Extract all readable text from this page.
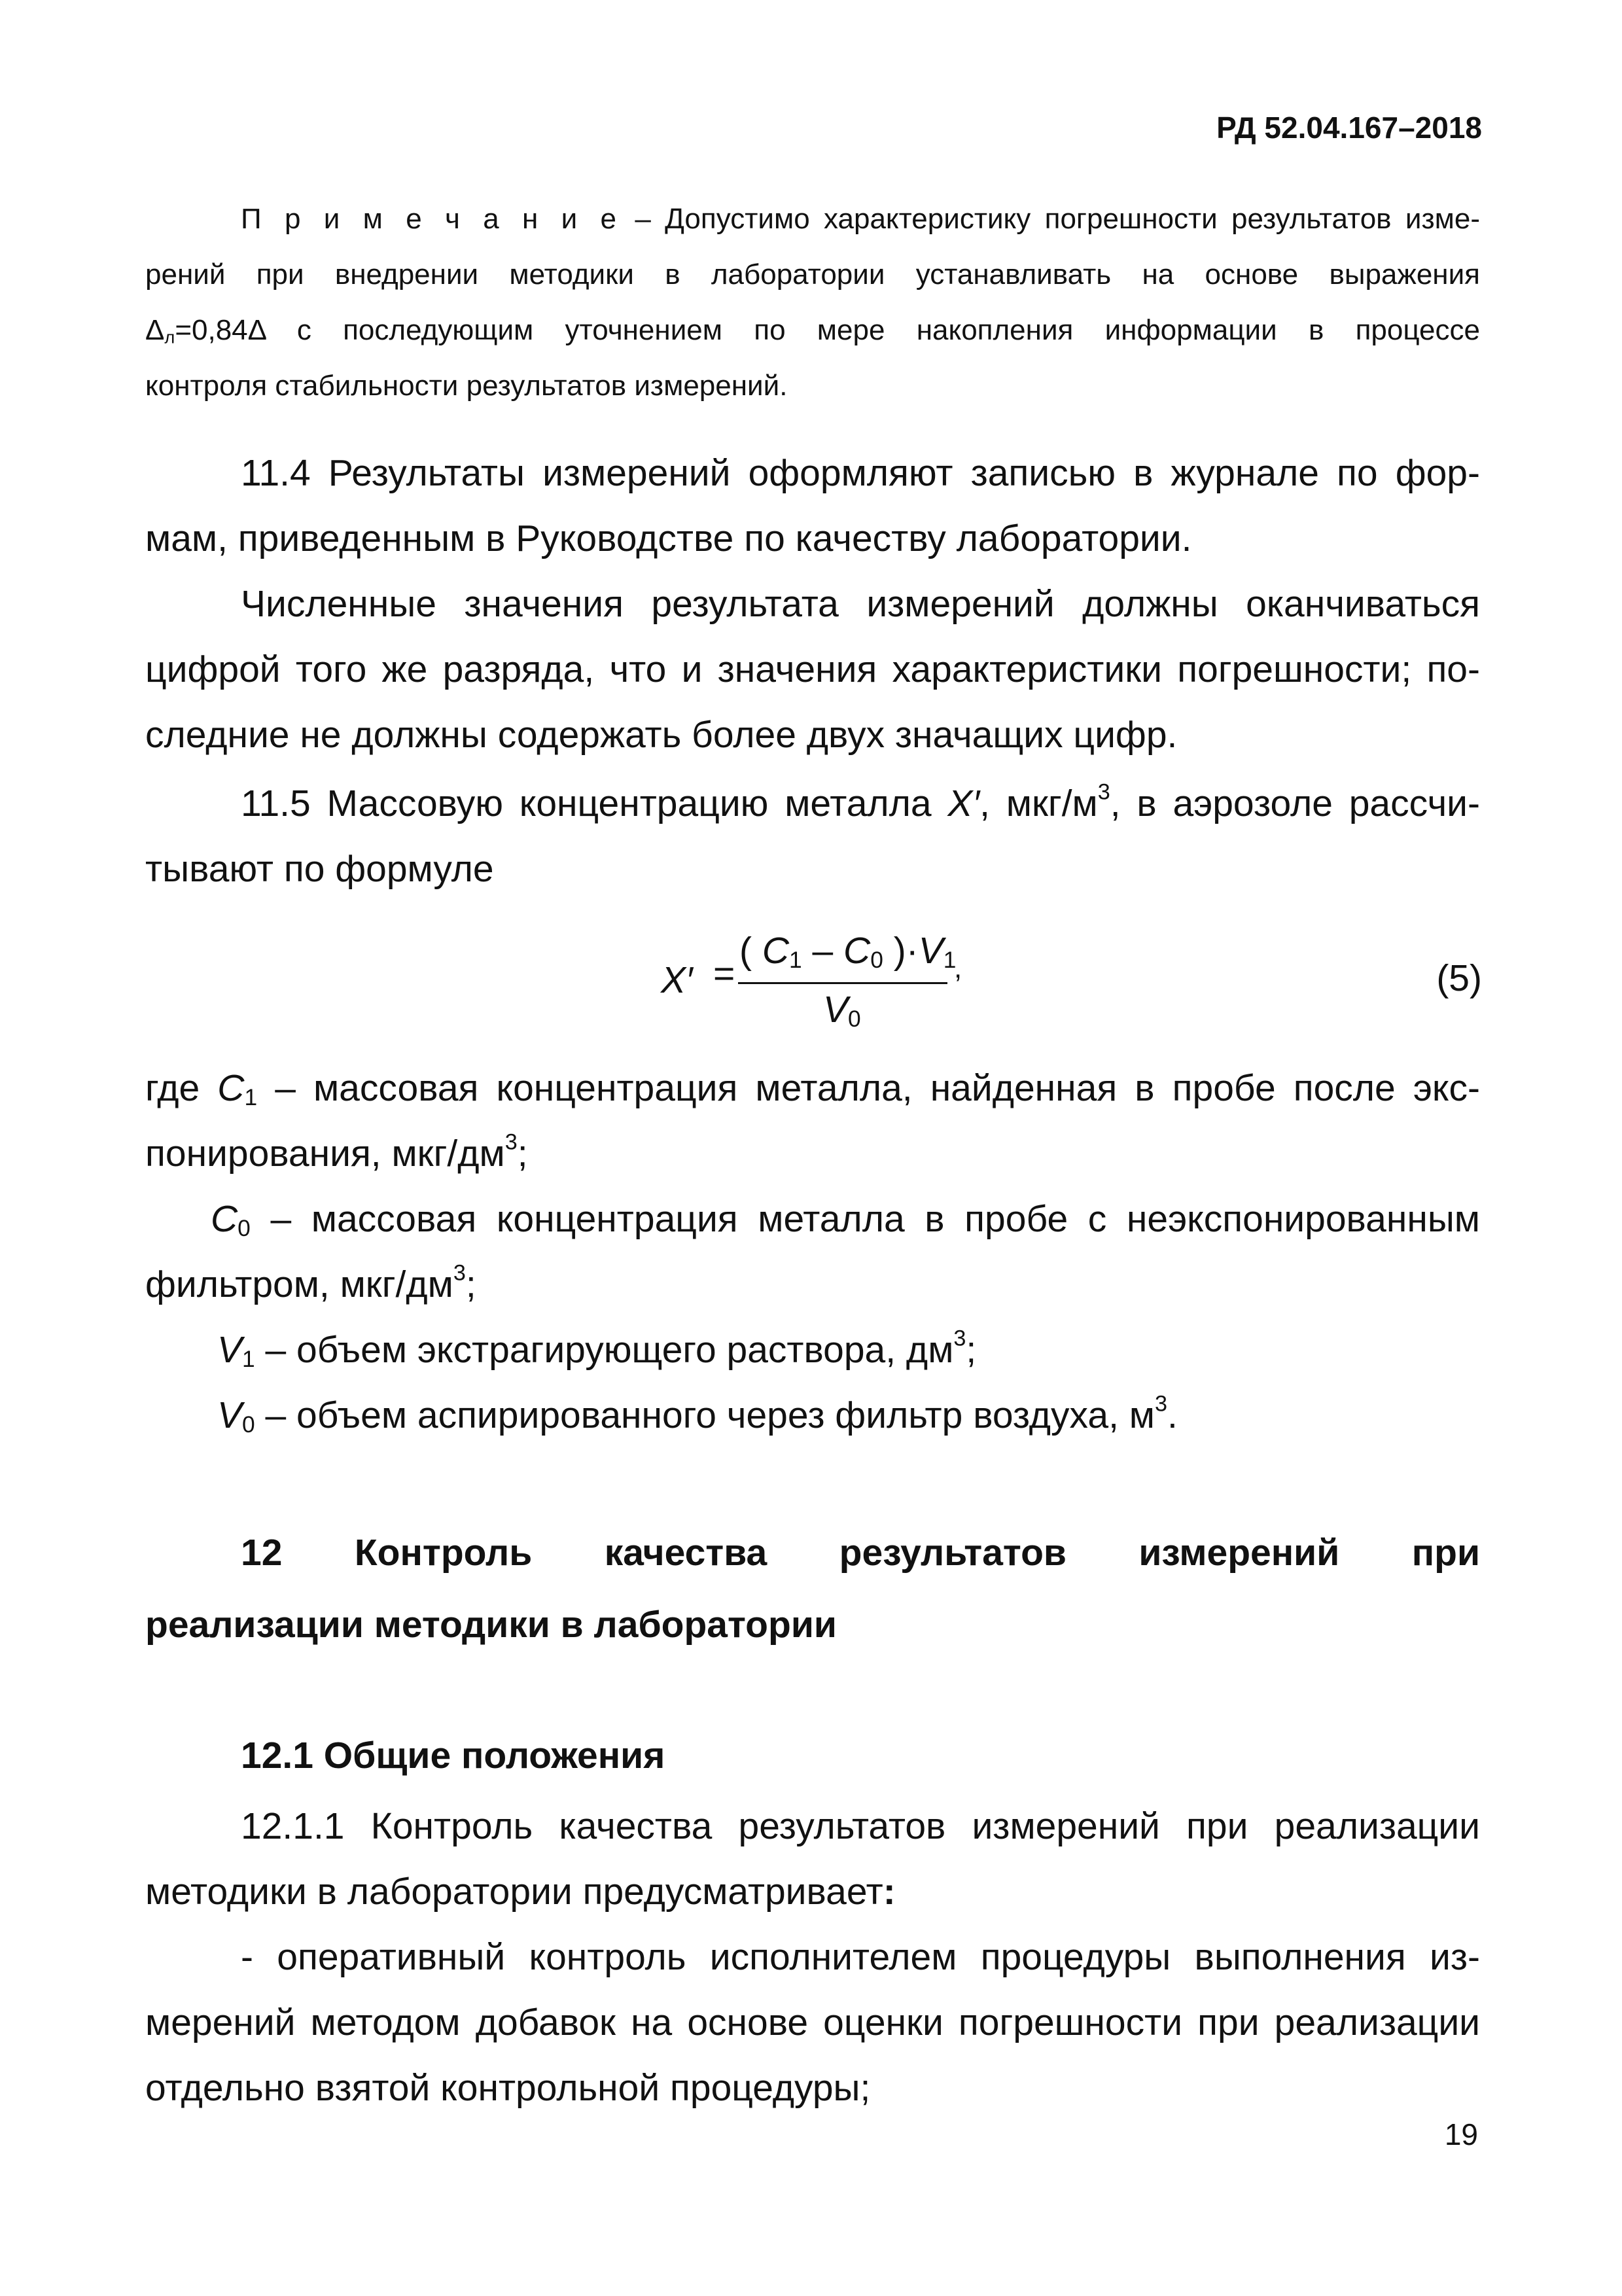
РД 52.04.167–2018
П р и м е ч а н и е – Допустимо характеристику погрешности результатов изме-
рений при внедрении методики в лаборатории устанавливать на основе выражения
$\Delta_л=0,84\Delta$ с последующим уточнением по мере накопления информации в процессе
контроля стабильности результатов измерений.
11.4 Результаты измерений оформляют записью в журнале по фор-
мам, приведенным в Руководстве по качеству лаборатории.
Численные значения результата измерений должны оканчиваться
цифрой того же разряда, что и значения характеристики погрешности; по-
следние не должны содержать более двух значащих цифр.
11.5 Массовую концентрацию металла X′, мкг/$м^3$, в аэрозоле рассчи-
тывают по формуле
X′ =
( $C_1 - C_0$ )$\cdot V_1$
$V_0$
,	(5)
где $C_1$ – массовая концентрация металла, найденная в пробе после экс-
понирования, мкг/$дм^3$;
$C_0$ – массовая концентрация металла в пробе с неэкспонированным
фильтром, мкг/$дм^3$;
$V_1$ – объем экстрагирующего раствора, $дм^3$;
$V_0$ – объем аспирированного через фильтр воздуха, $м^3$.
12 Контроль качества результатов измерений при
реализации методики в лаборатории
12.1 Общие положения
12.1.1 Контроль качества результатов измерений при реализации
методики в лаборатории предусматривает:
- оперативный контроль исполнителем процедуры выполнения из-
мерений методом добавок на основе оценки погрешности при реализации
отдельно взятой контрольной процедуры;
19
